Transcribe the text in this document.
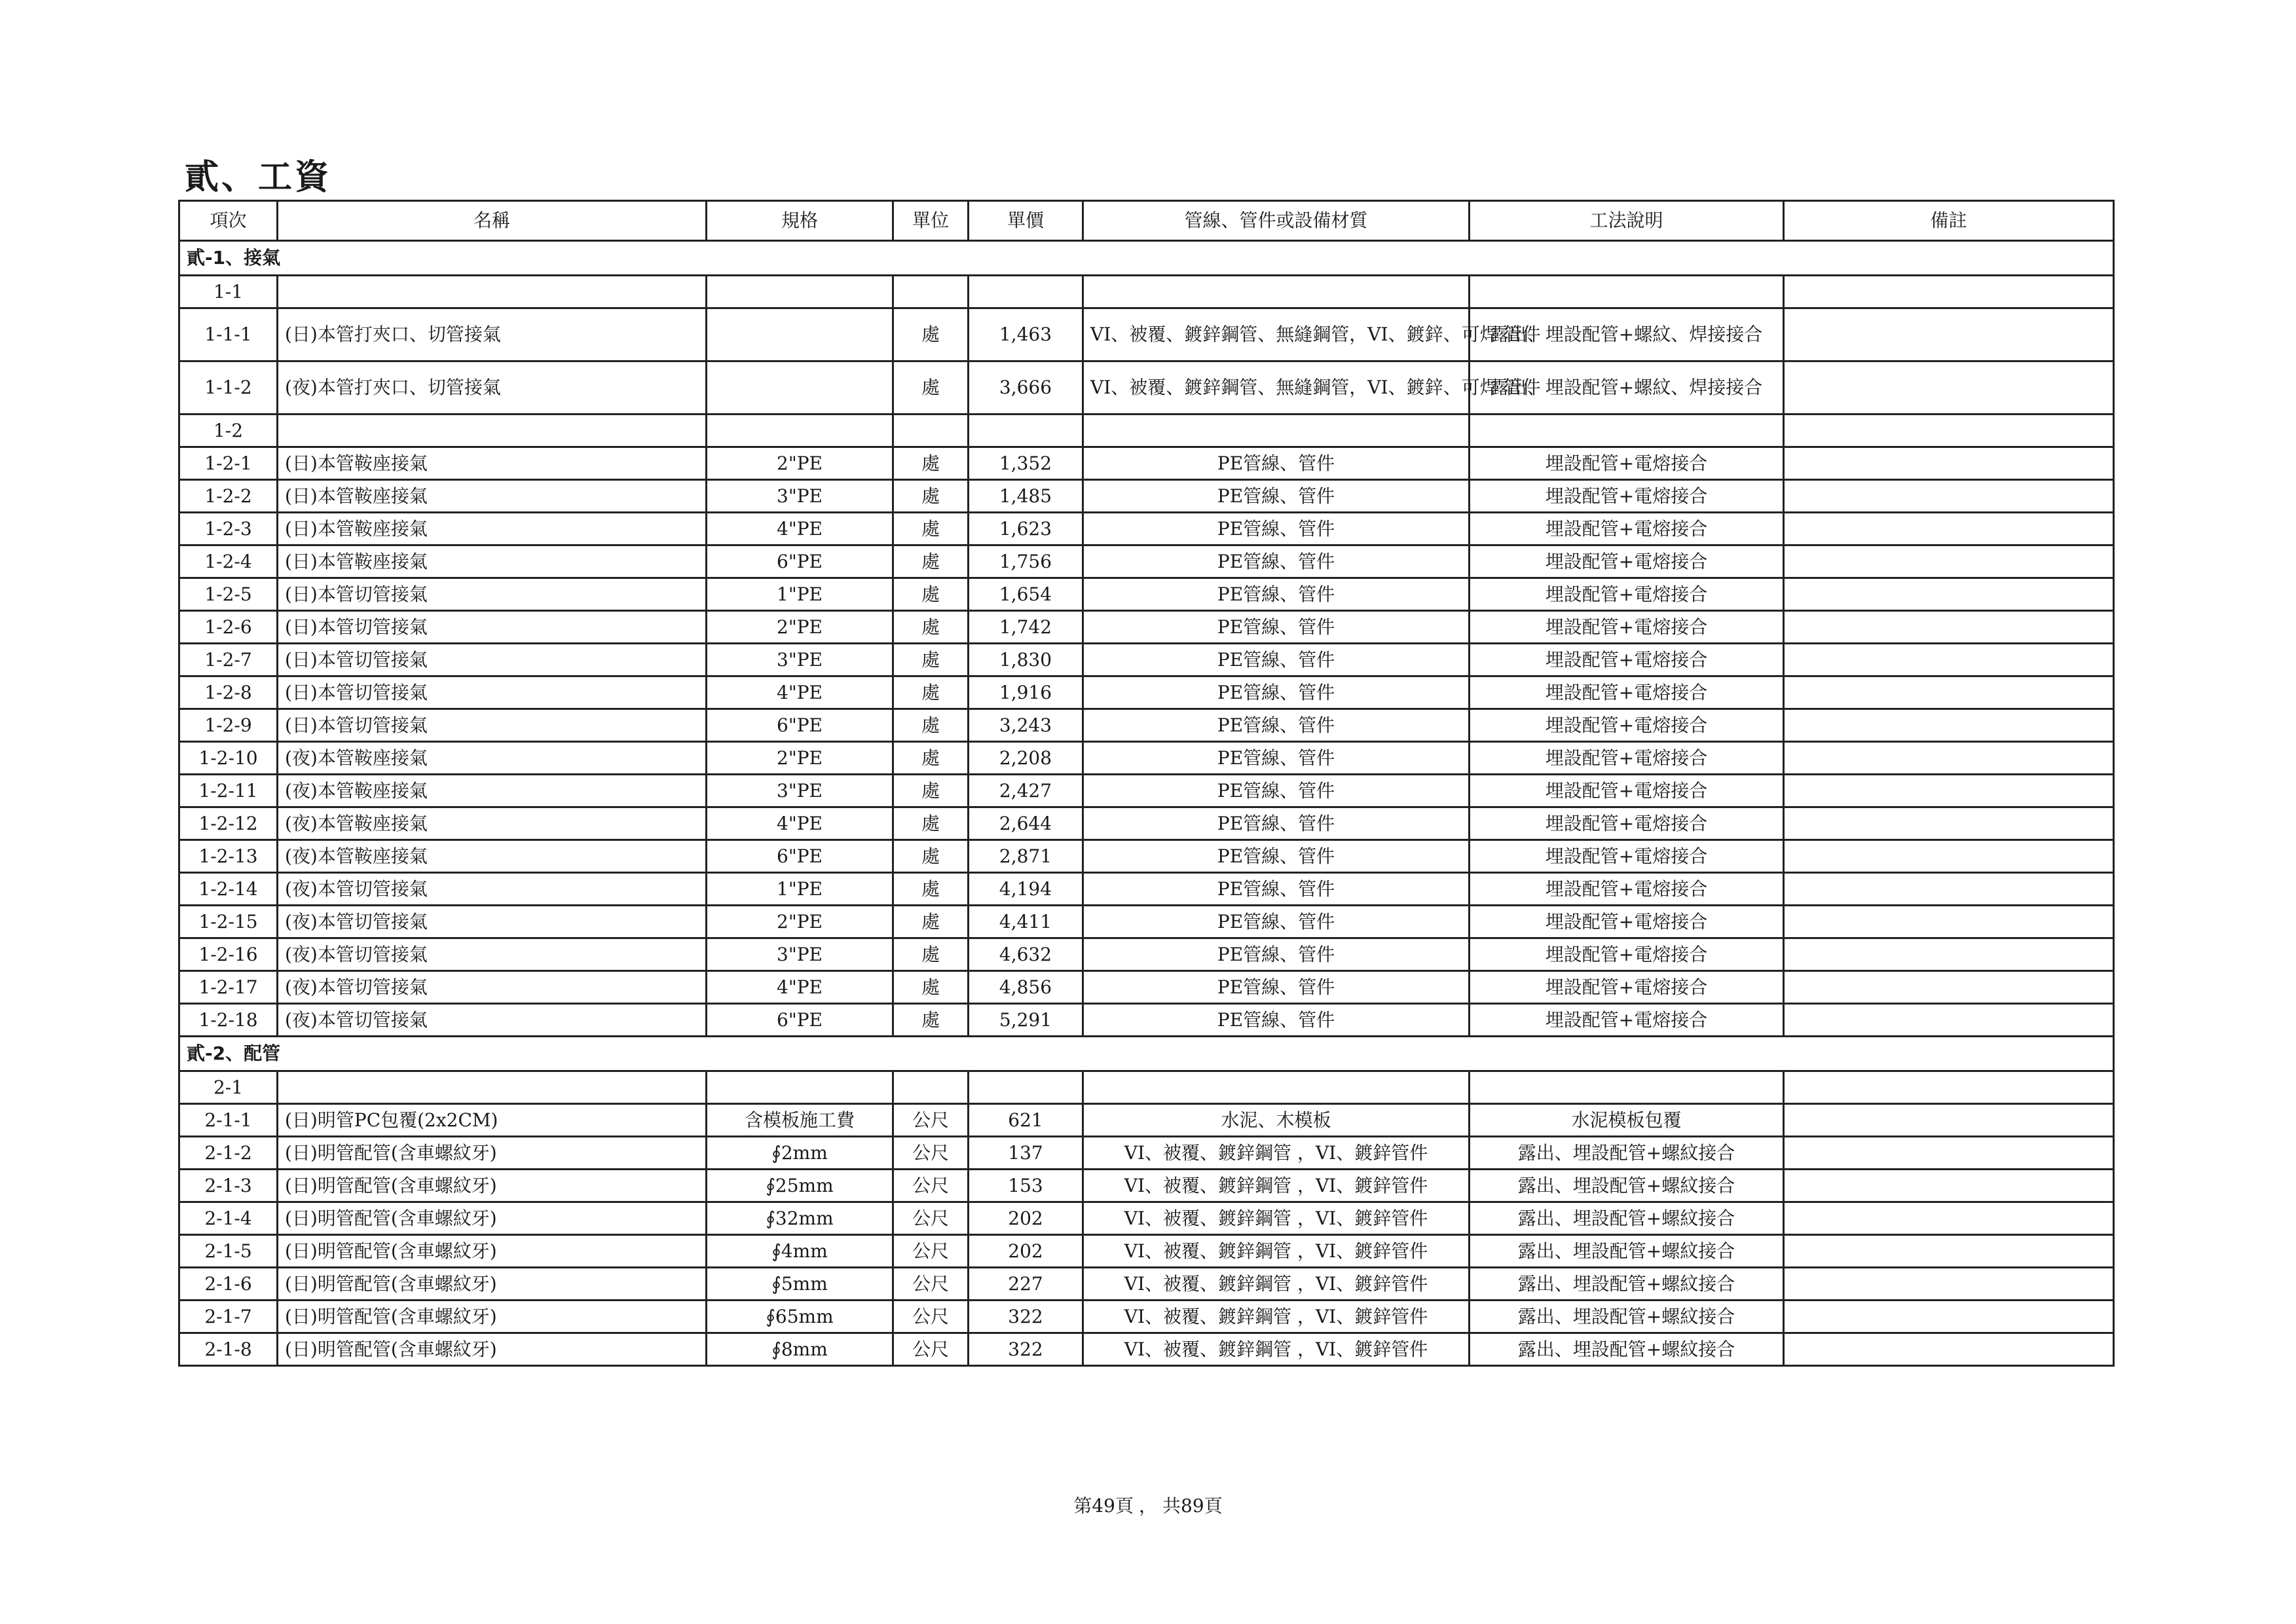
貳、工資
項次	名稱	規格	單位	單價	管線、管件或設備材質	工法說明	備註
貳-1、接氣							
1-1							
1-1-1	(日)本管打夾口、切管接氣		處	1,463	VI、被覆、鍍鋅鋼管、無縫鋼管，VI、鍍鋅、可焊 管件	露出、埋設配管+螺紋、焊接接合	
1-1-2	(夜)本管打夾口、切管接氣		處	3,666	VI、被覆、鍍鋅鋼管、無縫鋼管，VI、鍍鋅、可焊 管件	露出、埋設配管+螺紋、焊接接合	
1-2							
1-2-1	(日)本管鞍座接氣	2"PE	處	1,352	PE管線、管件	埋設配管+電熔接合	
1-2-2	(日)本管鞍座接氣	3"PE	處	1,485	PE管線、管件	埋設配管+電熔接合	
1-2-3	(日)本管鞍座接氣	4"PE	處	1,623	PE管線、管件	埋設配管+電熔接合	
1-2-4	(日)本管鞍座接氣	6"PE	處	1,756	PE管線、管件	埋設配管+電熔接合	
1-2-5	(日)本管切管接氣	1"PE	處	1,654	PE管線、管件	埋設配管+電熔接合	
1-2-6	(日)本管切管接氣	2"PE	處	1,742	PE管線、管件	埋設配管+電熔接合	
1-2-7	(日)本管切管接氣	3"PE	處	1,830	PE管線、管件	埋設配管+電熔接合	
1-2-8	(日)本管切管接氣	4"PE	處	1,916	PE管線、管件	埋設配管+電熔接合	
1-2-9	(日)本管切管接氣	6"PE	處	3,243	PE管線、管件	埋設配管+電熔接合	
1-2-10	(夜)本管鞍座接氣	2"PE	處	2,208	PE管線、管件	埋設配管+電熔接合	
1-2-11	(夜)本管鞍座接氣	3"PE	處	2,427	PE管線、管件	埋設配管+電熔接合	
1-2-12	(夜)本管鞍座接氣	4"PE	處	2,644	PE管線、管件	埋設配管+電熔接合	
1-2-13	(夜)本管鞍座接氣	6"PE	處	2,871	PE管線、管件	埋設配管+電熔接合	
1-2-14	(夜)本管切管接氣	1"PE	處	4,194	PE管線、管件	埋設配管+電熔接合	
1-2-15	(夜)本管切管接氣	2"PE	處	4,411	PE管線、管件	埋設配管+電熔接合	
1-2-16	(夜)本管切管接氣	3"PE	處	4,632	PE管線、管件	埋設配管+電熔接合	
1-2-17	(夜)本管切管接氣	4"PE	處	4,856	PE管線、管件	埋設配管+電熔接合	
1-2-18	(夜)本管切管接氣	6"PE	處	5,291	PE管線、管件	埋設配管+電熔接合	
貳-2、配管							
2-1							
2-1-1	(日)明管PC包覆(2x2CM)	含模板施工費	公尺	621	水泥、木模板	水泥模板包覆	
2-1-2	(日)明管配管(含車螺紋牙)	∮2mm	公尺	137	VI、被覆、鍍鋅鋼管 ，VI、鍍鋅管件	露出、埋設配管+螺紋接合	
2-1-3	(日)明管配管(含車螺紋牙)	∮25mm	公尺	153	VI、被覆、鍍鋅鋼管 ，VI、鍍鋅管件	露出、埋設配管+螺紋接合	
2-1-4	(日)明管配管(含車螺紋牙)	∮32mm	公尺	202	VI、被覆、鍍鋅鋼管 ，VI、鍍鋅管件	露出、埋設配管+螺紋接合	
2-1-5	(日)明管配管(含車螺紋牙)	∮4mm	公尺	202	VI、被覆、鍍鋅鋼管 ，VI、鍍鋅管件	露出、埋設配管+螺紋接合	
2-1-6	(日)明管配管(含車螺紋牙)	∮5mm	公尺	227	VI、被覆、鍍鋅鋼管 ，VI、鍍鋅管件	露出、埋設配管+螺紋接合	
2-1-7	(日)明管配管(含車螺紋牙)	∮65mm	公尺	322	VI、被覆、鍍鋅鋼管 ，VI、鍍鋅管件	露出、埋設配管+螺紋接合	
2-1-8	(日)明管配管(含車螺紋牙)	∮8mm	公尺	322	VI、被覆、鍍鋅鋼管 ，VI、鍍鋅管件	露出、埋設配管+螺紋接合	
第49頁 ， 共89頁
